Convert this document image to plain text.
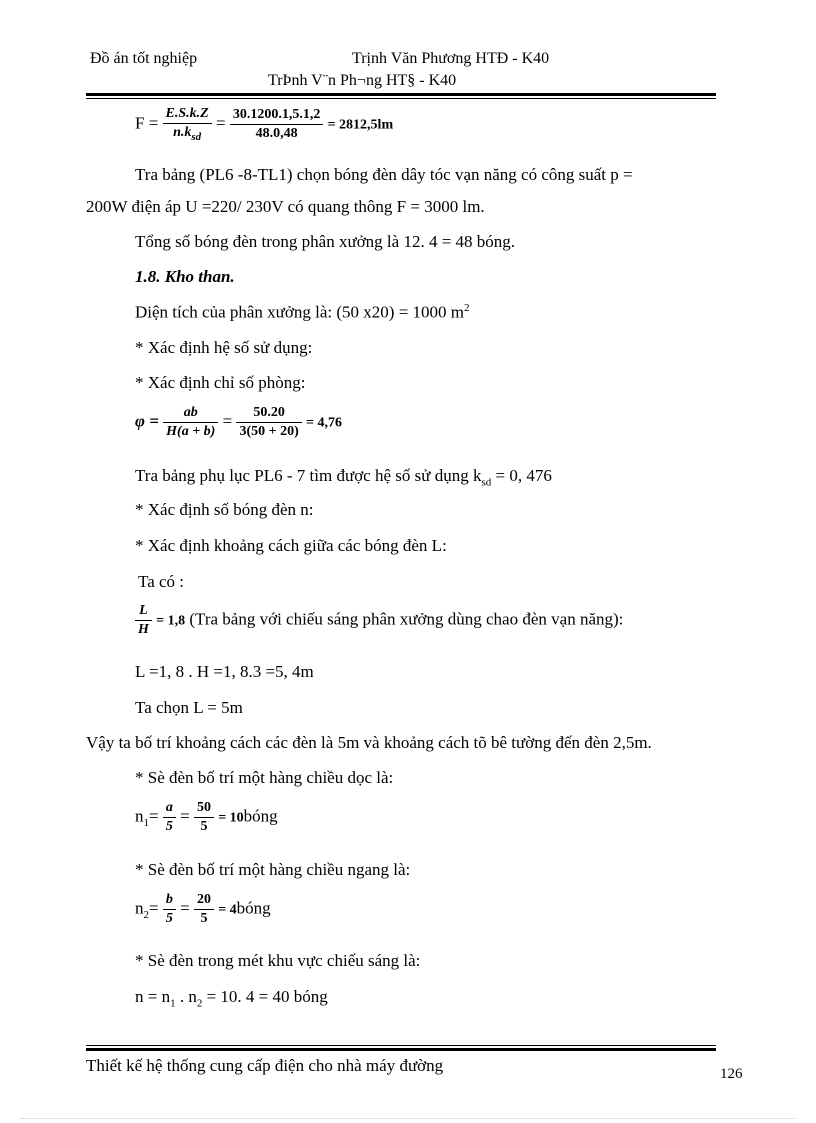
Đồ án tốt nghiệp	Trịnh Văn Phương HTĐ - K40
TrÞnh V¨n Ph¬ng HT§ - K40
$F = \frac{E.S.k.Z}{n.k_{sd}} = \frac{30.1200.1,5.1,2}{48.0,48} = 2812,5lm$
Tra bảng (PL6 -8-TL1) chọn bóng đèn dây tóc vạn năng có công suất p =
200W điện áp U =220/ 230V có quang thông F = 3000 lm.
Tổng số bóng đèn trong phân xưởng là 12. 4 = 48 bóng.
1.8. Kho than.
Diện tích của phân xưởng là: (50 x20) = 1000 $m^2$
* Xác định hệ số sử dụng:
* Xác định chỉ số phòng:
$\varphi = \frac{ab}{H(a + b)} = \frac{50.20}{3(50 + 20)} = 4,76$
Tra bảng phụ lục PL6 - 7 tìm được hệ số sử dụng $k_{sd} = 0$, 476
* Xác định số bóng đèn n:
* Xác định khoảng cách giữa các bóng đèn L:
Ta có :
$\frac{L}{H} = 1,8$ (Tra bảng với chiếu sáng phân xưởng dùng chao đèn vạn năng):
L =1, 8 . H =1, 8.3 =5, 4m
Ta chọn L = 5m
Vậy ta bố trí khoảng cách các đèn là 5m và khoảng cách tõ bê tường đến đèn 2,5m.
* Sè đèn bố trí một hàng chiều dọc là:
$n_1= \frac{a}{5} = \frac{50}{5}$ = 10bóng
* Sè đèn bố trí một hàng chiều ngang là:
$n_2= \frac{b}{5} = \frac{20}{5}$ = 4bóng
* Sè đèn trong mét khu vực chiếu sáng là:
$n = n_1$ . $n_2 = 10$. 4 = 40 bóng
Thiết kế hệ thống cung cấp điện cho nhà máy đường	126
